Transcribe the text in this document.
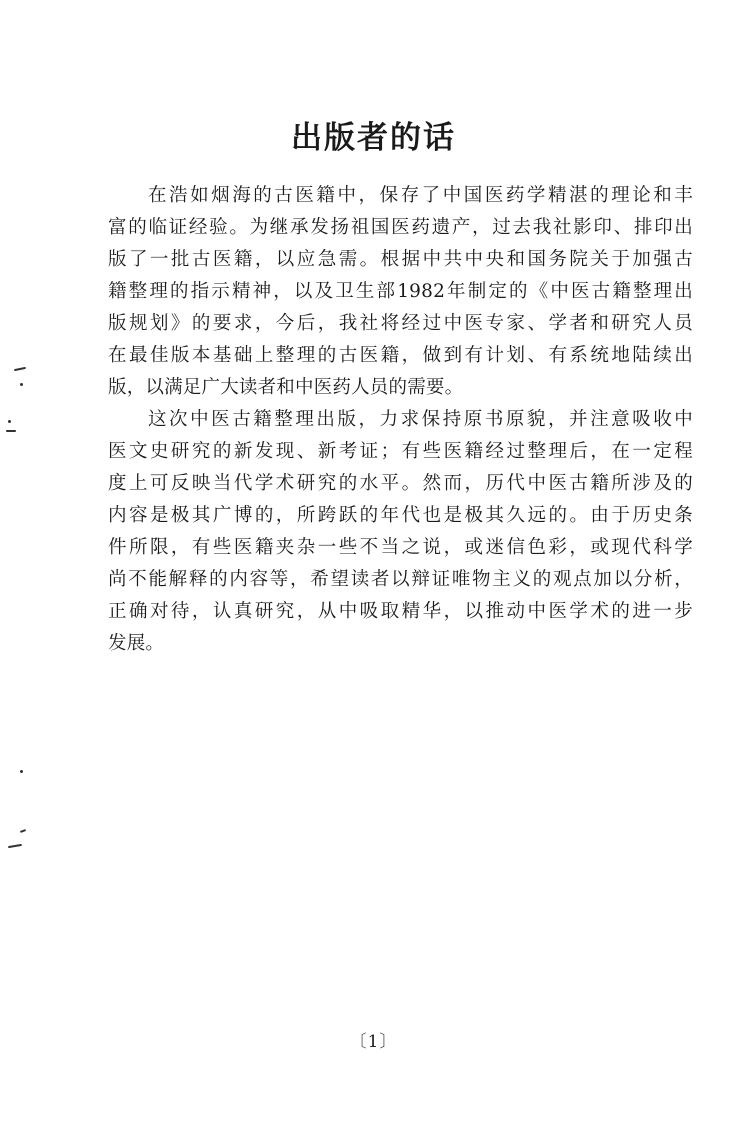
出版者的话
在浩如烟海的古医籍中，保存了中国医药学精湛的理论和丰
富的临证经验。为继承发扬祖国医药遗产，过去我社影印、排印出
版了一批古医籍，以应急需。根据中共中央和国务院关于加强古
籍整理的指示精神，以及卫生部1982年制定的《中医古籍整理出
版规划》的要求，今后，我社将经过中医专家、学者和研究人员
在最佳版本基础上整理的古医籍，做到有计划、有系统地陆续出
版，以满足广大读者和中医药人员的需要。
这次中医古籍整理出版，力求保持原书原貌，并注意吸收中
医文史研究的新发现、新考证；有些医籍经过整理后，在一定程
度上可反映当代学术研究的水平。然而，历代中医古籍所涉及的
内容是极其广博的，所跨跃的年代也是极其久远的。由于历史条
件所限，有些医籍夹杂一些不当之说，或迷信色彩，或现代科学
尚不能解释的内容等，希望读者以辩证唯物主义的观点加以分析，
正确对待，认真研究，从中吸取精华，以推动中医学术的进一步
发展。
〔1〕
